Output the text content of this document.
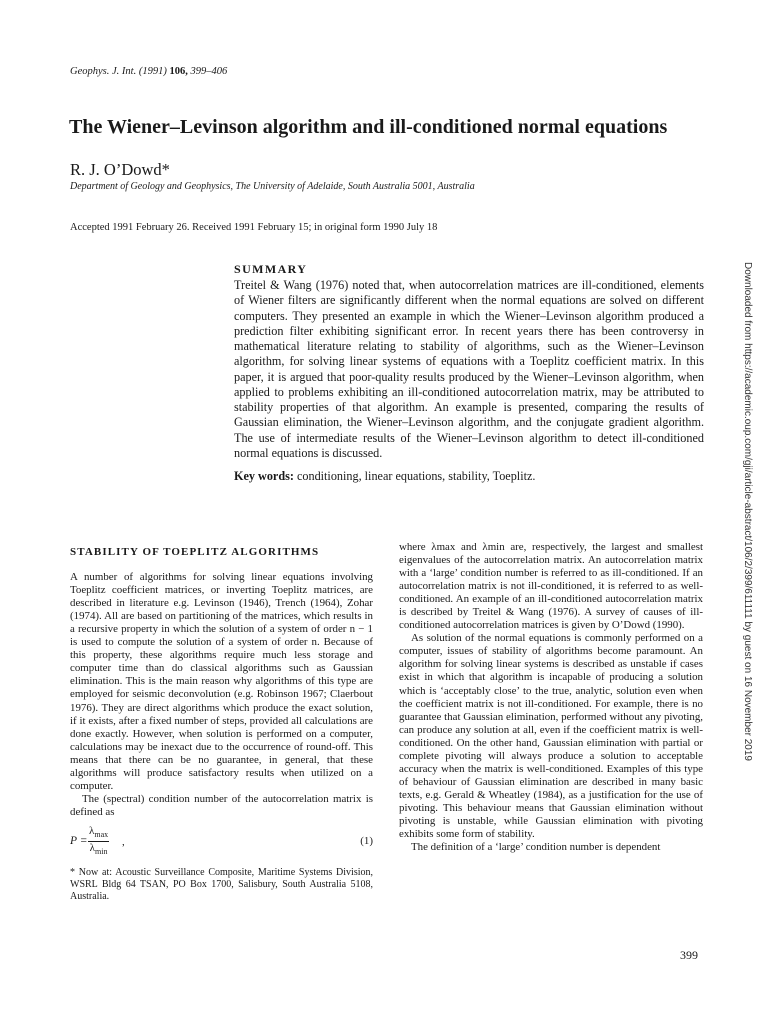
Geophys. J. Int. (1991) 106, 399–406
The Wiener–Levinson algorithm and ill-conditioned normal equations
R. J. O’Dowd*
Department of Geology and Geophysics, The University of Adelaide, South Australia 5001, Australia
Accepted 1991 February 26. Received 1991 February 15; in original form 1990 July 18

SUMMARY

Treitel & Wang (1976) noted that, when autocorrelation matrices are ill-conditioned, elements of Wiener filters are significantly different when the normal equations are solved on different computers. They presented an example in which the Wiener–Levinson algorithm produced a prediction filter exhibiting significant error. In recent years there has been controversy in mathematical literature relating to stability of algorithms, such as the Wiener–Levinson algorithm, for solving linear systems of equations with a Toeplitz coefficient matrix. In this paper, it is argued that poor-quality results produced by the Wiener–Levinson algorithm, when applied to problems exhibiting an ill-conditioned autocorrelation matrix, may be attributed to stability properties of that algorithm. An example is presented, comparing the results of Gaussian elimination, the Wiener–Levinson algorithm, and the conjugate gradient algorithm. The use of intermediate results of the Wiener–Levinson algorithm to detect ill-conditioned normal equations is discussed.

Key words: conditioning, linear equations, stability, Toeplitz.	Downloaded from https://academic.oup.com/gji/article-abstract/106/2/399/611111 by guest on 16 November 2019

STABILITY OF TOEPLITZ ALGORITHMS

A number of algorithms for solving linear equations involving Toeplitz coefficient matrices, or inverting Toeplitz matrices, are described in literature e.g. Levinson (1946), Trench (1964), Zohar (1974). All are based on partitioning of the matrices, which results in a recursive property in which the solution of a system of order n − 1 is used to compute the solution of a system of order n. Because of this property, these algorithms require much less storage and computer time than do classical algorithms such as Gaussian elimination. This is the main reason why algorithms of this type are employed for seismic deconvolution (e.g. Robinson 1967; Claerbout 1976). They are direct algorithms which produce the exact solution, if it exists, after a fixed number of steps, provided all calculations are done exactly. However, when solution is performed on a computer, calculations may be inexact due to the occurrence of round-off. This means that there can be no guarantee, in general, that these algorithms will produce satisfactory results when utilized on a computer.

The (spectral) condition number of the autocorrelation matrix is defined as

P =
$\lambda_{max}$
$\lambda_{min}$
,	(1)

* Now at: Acoustic Surveillance Composite, Maritime Systems Division, WSRL Bldg 64 TSAN, PO Box 1700, Salisbury, South Australia 5108, Australia.

where λmax and λmin are, respectively, the largest and smallest eigenvalues of the autocorrelation matrix. An autocorrelation matrix with a ‘large’ condition number is referred to as ill-conditioned. If an autocorrelation matrix is not ill-conditioned, it is referred to as well-conditioned. An example of an ill-conditioned autocorrelation matrix is described by Treitel & Wang (1976). A survey of causes of ill-conditioned autocorrelation matrices is given by O’Dowd (1990).

As solution of the normal equations is commonly performed on a computer, issues of stability of algorithms become paramount. An algorithm for solving linear systems is described as unstable if cases exist in which that algorithm is incapable of producing a solution which is ‘acceptably close’ to the true, analytic, solution even when the coefficient matrix is not ill-conditioned. For example, there is no guarantee that Gaussian elimination, performed without any pivoting, can produce any solution at all, even if the coefficient matrix is well-conditioned. On the other hand, Gaussian elimination with partial or complete pivoting will always produce a solution to acceptable accuracy when the matrix is well-conditioned. Examples of this type of behaviour of Gaussian elimination are described in many basic texts, e.g. Gerald & Wheatley (1984), as a justification for the use of pivoting. This behaviour means that Gaussian elimination without pivoting is unstable, while Gaussian elimination with pivoting exhibits some form of stability.

The definition of a ‘large’ condition number is dependent

399
